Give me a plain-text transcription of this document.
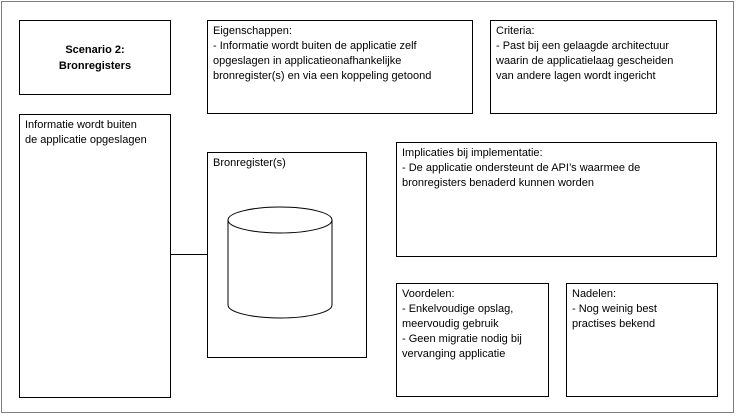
Scenario 2:
Bronregisters
Eigenschappen:
- Informatie wordt buiten de applicatie zelf
opgeslagen in applicatieonafhankelijke
bronregister(s) en via een koppeling getoond
Criteria:
- Past bij een gelaagde architectuur
waarin de applicatielaag gescheiden
van andere lagen wordt ingericht
Informatie wordt buiten
de applicatie opgeslagen
Bronregister(s)
Implicaties bij implementatie:
- De applicatie ondersteunt de API’s waarmee de
bronregisters benaderd kunnen worden
Voordelen:
- Enkelvoudige opslag,
meervoudig gebruik
- Geen migratie nodig bij
vervanging applicatie
Nadelen:
- Nog weinig best
practises bekend
